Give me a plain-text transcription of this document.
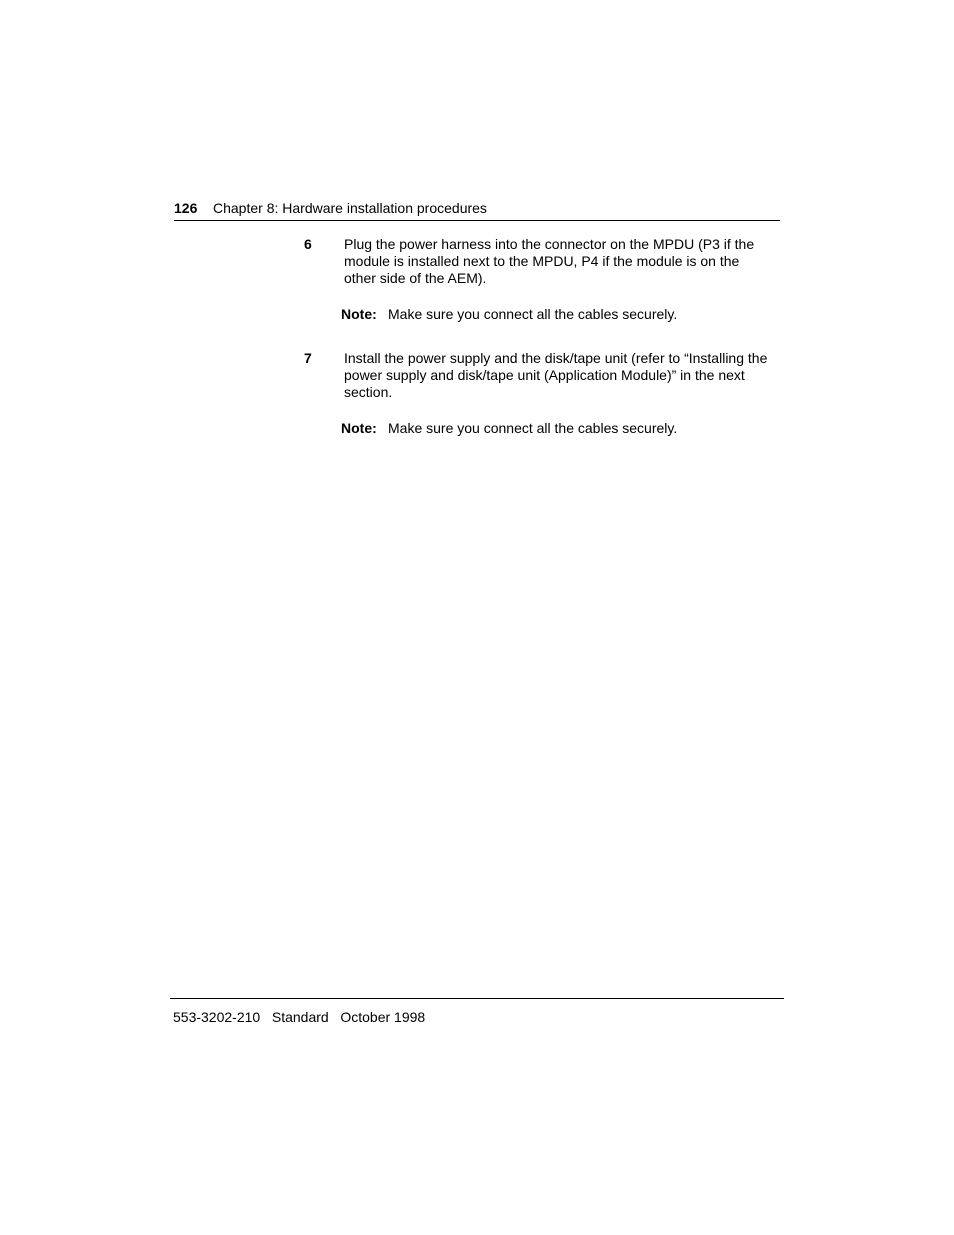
126 Chapter 8: Hardware installation procedures
6 Plug the power harness into the connector on the MPDU (P3 if the module is installed next to the MPDU, P4 if the module is on the other side of the AEM).
Note: Make sure you connect all the cables securely.
7 Install the power supply and the disk/tape unit (refer to “Installing the power supply and disk/tape unit (Application Module)” in the next section.
Note: Make sure you connect all the cables securely.
553-3202-210   Standard   October 1998
